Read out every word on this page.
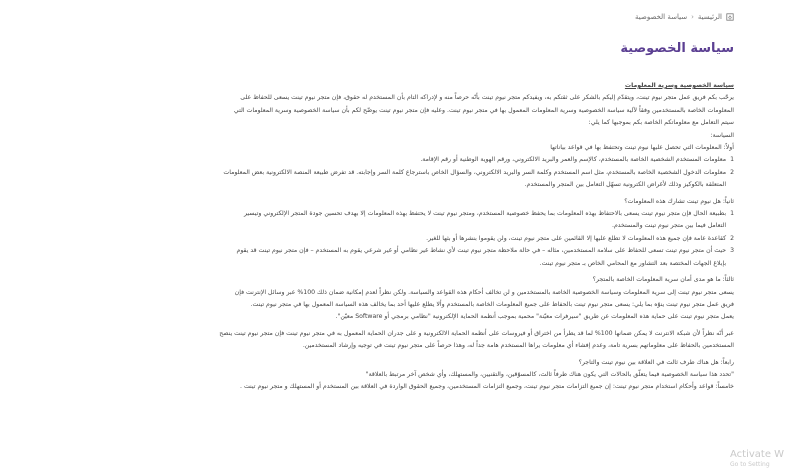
الرئيسية
‹
سياسة الخصوصية
سياسة الخصوصية

سياسة الخصوصية وسرية المعلومات

يرحّب بكم فريق عمل متجر نيوم تينت، ويتقدّم إليكم بالشكر على ثقتكم به، ويفيدكم متجر نيوم تينت بأنّه حرصاً منه و لإدراكه التام بأن المستخدم له حقوق، فإن متجر نيوم تينت يسعى للحفاظ على

المعلومات الخاصة بالمستخدمين وفقاً لآلية سياسة الخصوصية وسرية المعلومات المعمول بها في متجر نيوم تينت. وعليه فإن متجر نيوم تينت يوضّح لكم بأن سياسة الخصوصية وسرية المعلومات التي

سيتم التعامل مع معلوماتكم الخاصة بكم بموجبها كما يلي:

السياسة:

أولاً: المعلومات التي تحصل عليها نيوم تينت وتحتفظ بها في قواعد بياناتها

1
معلومات المستخدم الشخصية الخاصة بالمستخدم، كالإسم والعمر والبريد الالكتروني، ورقم الهوية الوطنية أو رقم الإقامة.
2

معلومات الدخول الشخصية الخاصة بالمستخدم، مثل اسم المستخدم وكلمة السر والبريد الالكتروني، والسؤال الخاص باسترجاع كلمة السر وإجابته. قد تفرض طبيعة المنصة الالكترونية بعض المعلومات

المتعلقة بالكوكيز وذلك لأغراض الكترونية تسهّل التعامل بين المتجر والمستخدم.

ثانياً: هل نيوم تينت تشارك هذه المعلومات؟

1

بطبيعة الحال فإن متجر نيوم تينت يسعى بالاحتفاظ بهذه المعلومات بما يحفظ خصوصية المستخدم، ومتجر نيوم تينت لا يحتفظ بهذه المعلومات إلا بهدف تحسين جودة المتجر الإلكتروني وتيسير

التعامل فيما بين متجر نيوم تينت والمستخدم.

2

كقاعدة عامة فإن جميع هذه المعلومات لا تطلع عليها إلا القائمين على متجر نيوم تينت، ولن يقوموا بنشرها أو بثها للغير.

3

حيث أن متجر نيوم تينت تسعى للحفاظ على سلامة المستخدمين، مثاله – في حالة ملاحظة متجر نيوم تينت لأي نشاط غير نظامي أو غير شرعي يقوم به المستخدم – فإن متجر نيوم تينت قد يقوم

بإبلاغ الجهات المختصة بعد التشاور مع المحامي الخاص بـ متجر نيوم تينت.

ثالثاً: ما هو مدى أمان سرية المعلومات الخاصة بالمتجر؟

يسعى متجر نيوم تينت إلى سرية المعلومات وسياسة الخصوصية الخاصة بالمستخدمين و لن تخالف أحكام هذه القواعد والسياسة. ولكن نظراً لعدم إمكانية ضمان ذلك 100% عبر وسائل الإنترنت فإن

فريق عمل متجر نيوم تينت ينوّه بما يلي: يسعى متجر نيوم تينت بالحفاظ على جميع المعلومات الخاصة بالمستخدم وألا يطلع عليها أحد بما يخالف هذه السياسة المعمول بها في متجر نيوم تينت.

يعمل متجر نيوم تينت على حماية هذه المعلومات عن طريق "سيرفرات معيّنة" محمية بموجب أنظمة الحماية الإلكترونية "نظامي برمجي أو Software معيّن".

عبر أنّه نظراً لأن شبكة الانترنت لا يمكن ضمانها 100% لما قد يطرأ من اختراق أو فيروسات على أنظمة الحماية الالكترونية و على جدران الحماية المعمول به في متجر نيوم تينت فإن متجر نيوم تينت ينصح

المستخدمين بالحفاظ على معلوماتهم بسرية تامة، وعدم إفشاء أي معلومات يراها المستخدم هامة جداً له، وهذا حرصاً على متجر نيوم تينت في توجيه وإرشاد المستخدمين.

رابعاً: هل هناك طرف ثالث في العلاقة بين نيوم تينت والتاجر؟

"تحدد هذا سياسة الخصوصية فيما يتعلّق بالحالات التي يكون هناك طرفاً ثالث، كالمسوّقين، والتقنيين، والمستهلك، وأي شخص آخر مرتبط بالعلاقة"

خامساً: قواعد وأحكام استخدام متجر نيوم تينت: إن جميع التزامات متجر نيوم تينت، وجميع التزامات المستخدمين، وجميع الحقوق الواردة في العلاقة بين المستخدم أو المستهلك و متجر نيوم تينت .

Activate W
Go to Setting
